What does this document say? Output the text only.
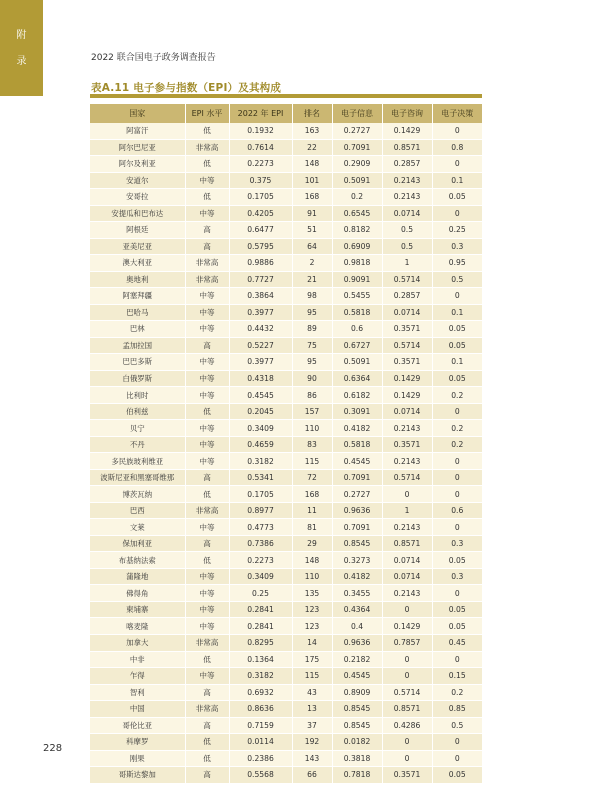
附
录	2022 联合国电子政务调查报告
表A.11 电子参与指数（EPI）及其构成
国家	EPI 水平	2022 年 EPI	排名	电子信息	电子咨询	电子决策
阿富汗	低	0.1932	163	0.2727	0.1429	0
阿尔巴尼亚	非常高	0.7614	22	0.7091	0.8571	0.8
阿尔及利亚	低	0.2273	148	0.2909	0.2857	0
安道尔	中等	0.375	101	0.5091	0.2143	0.1
安哥拉	低	0.1705	168	0.2	0.2143	0.05
安提瓜和巴布达	中等	0.4205	91	0.6545	0.0714	0
阿根廷	高	0.6477	51	0.8182	0.5	0.25
亚美尼亚	高	0.5795	64	0.6909	0.5	0.3
澳大利亚	非常高	0.9886	2	0.9818	1	0.95
奥地利	非常高	0.7727	21	0.9091	0.5714	0.5
阿塞拜疆	中等	0.3864	98	0.5455	0.2857	0
巴哈马	中等	0.3977	95	0.5818	0.0714	0.1
巴林	中等	0.4432	89	0.6	0.3571	0.05
孟加拉国	高	0.5227	75	0.6727	0.5714	0.05
巴巴多斯	中等	0.3977	95	0.5091	0.3571	0.1
白俄罗斯	中等	0.4318	90	0.6364	0.1429	0.05
比利时	中等	0.4545	86	0.6182	0.1429	0.2
伯利兹	低	0.2045	157	0.3091	0.0714	0
贝宁	中等	0.3409	110	0.4182	0.2143	0.2
不丹	中等	0.4659	83	0.5818	0.3571	0.2
多民族玻利维亚	中等	0.3182	115	0.4545	0.2143	0
波斯尼亚和黑塞哥维那	高	0.5341	72	0.7091	0.5714	0
博茨瓦纳	低	0.1705	168	0.2727	0	0
巴西	非常高	0.8977	11	0.9636	1	0.6
文莱	中等	0.4773	81	0.7091	0.2143	0
保加利亚	高	0.7386	29	0.8545	0.8571	0.3
布基纳法索	低	0.2273	148	0.3273	0.0714	0.05
蒲隆地	中等	0.3409	110	0.4182	0.0714	0.3
佛得角	中等	0.25	135	0.3455	0.2143	0
柬埔寨	中等	0.2841	123	0.4364	0	0.05
喀麦隆	中等	0.2841	123	0.4	0.1429	0.05
加拿大	非常高	0.8295	14	0.9636	0.7857	0.45
中非	低	0.1364	175	0.2182	0	0
乍得	中等	0.3182	115	0.4545	0	0.15
智利	高	0.6932	43	0.8909	0.5714	0.2
中国	非常高	0.8636	13	0.8545	0.8571	0.85
哥伦比亚	高	0.7159	37	0.8545	0.4286	0.5
科摩罗	低	0.0114	192	0.0182	0	0
刚果	低	0.2386	143	0.3818	0	0
哥斯达黎加	高	0.5568	66	0.7818	0.3571	0.05
228
